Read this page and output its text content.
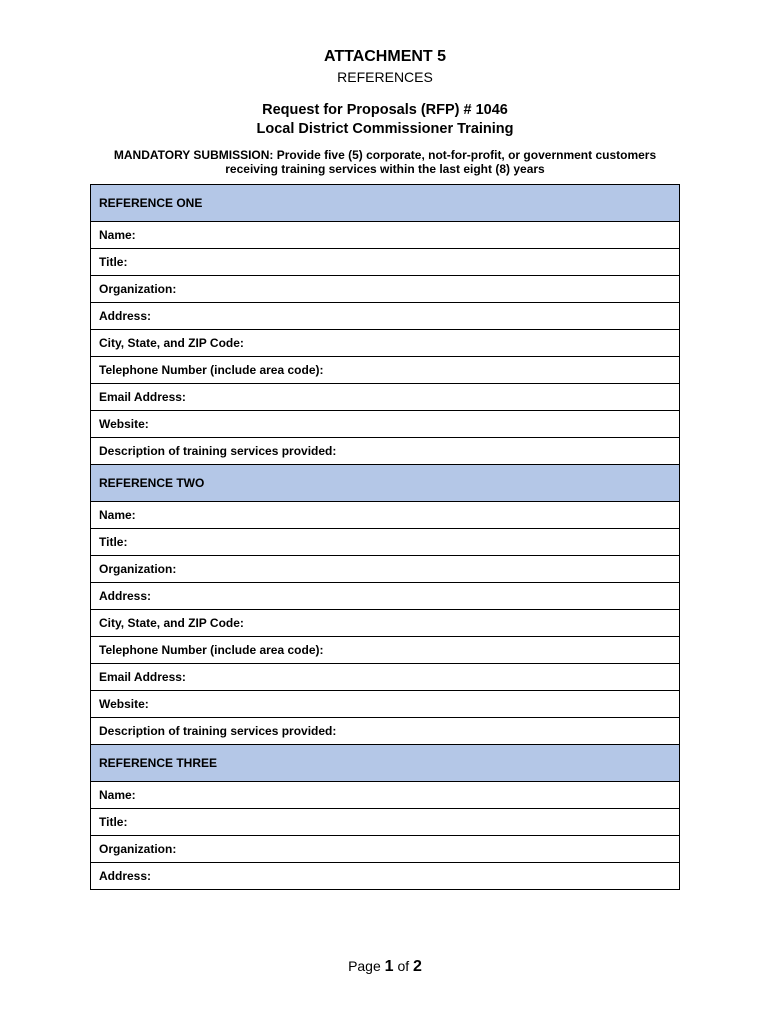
ATTACHMENT 5
REFERENCES
Request for Proposals (RFP) # 1046
Local District Commissioner Training
MANDATORY SUBMISSION: Provide five (5) corporate, not-for-profit, or government customers
receiving training services within the last eight (8) years
REFERENCE ONE
Name:
Title:
Organization:
Address:
City, State, and ZIP Code:
Telephone Number (include area code):
Email Address:
Website:
Description of training services provided:
REFERENCE TWO
Name:
Title:
Organization:
Address:
City, State, and ZIP Code:
Telephone Number (include area code):
Email Address:
Website:
Description of training services provided:
REFERENCE THREE
Name:
Title:
Organization:
Address:
Page 1 of 2
